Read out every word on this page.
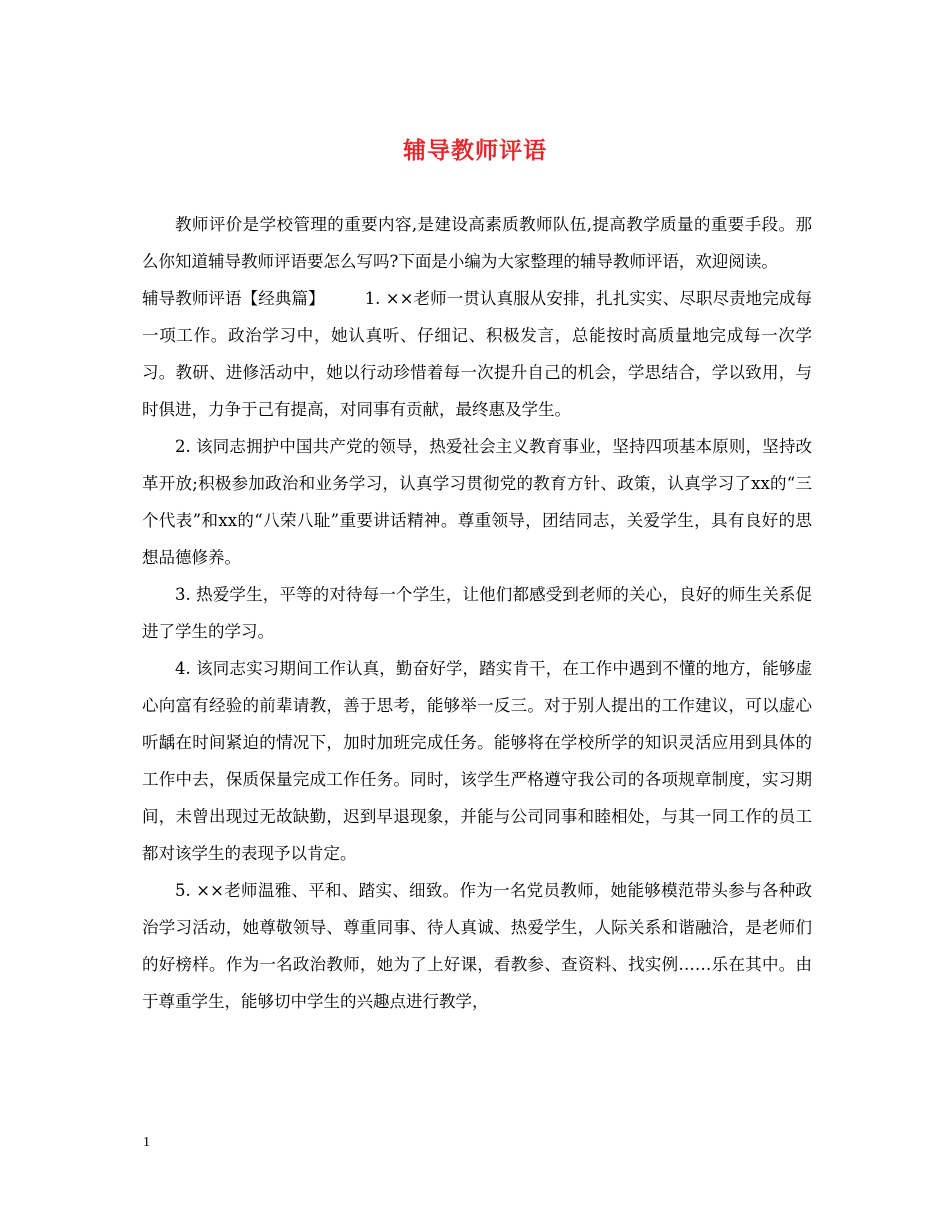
辅导教师评语

教师评价是学校管理的重要内容,是建设高素质教师队伍,提高教学质量的重要手段。那么你知道辅导教师评语要怎么写吗?下面是小编为大家整理的辅导教师评语，欢迎阅读。

辅导教师评语【经典篇】 1. ××老师一贯认真服从安排，扎扎实实、尽职尽责地完成每一项工作。政治学习中，她认真听、仔细记、积极发言，总能按时高质量地完成每一次学习。教研、进修活动中，她以行动珍惜着每一次提升自己的机会，学思结合，学以致用，与时俱进，力争于己有提高，对同事有贡献，最终惠及学生。

2. 该同志拥护中国共产党的领导，热爱社会主义教育事业，坚持四项基本原则，坚持改革开放;积极参加政治和业务学习，认真学习贯彻党的教育方针、政策，认真学习了xx的“三个代表”和xx的“八荣八耻”重要讲话精神。尊重领导，团结同志，关爱学生，具有良好的思想品德修养。

3. 热爱学生，平等的对待每一个学生，让他们都感受到老师的关心，良好的师生关系促进了学生的学习。

4. 该同志实习期间工作认真，勤奋好学，踏实肯干，在工作中遇到不懂的地方，能够虚心向富有经验的前辈请教，善于思考，能够举一反三。对于别人提出的工作建议，可以虚心听龋在时间紧迫的情况下，加时加班完成任务。能够将在学校所学的知识灵活应用到具体的工作中去，保质保量完成工作任务。同时，该学生严格遵守我公司的各项规章制度，实习期间，未曾出现过无故缺勤，迟到早退现象，并能与公司同事和睦相处，与其一同工作的员工都对该学生的表现予以肯定。

5. ××老师温雅、平和、踏实、细致。作为一名党员教师，她能够模范带头参与各种政治学习活动，她尊敬领导、尊重同事、待人真诚、热爱学生，人际关系和谐融洽，是老师们的好榜样。作为一名政治教师，她为了上好课，看教参、查资料、找实例……乐在其中。由于尊重学生，能够切中学生的兴趣点进行教学，

1
